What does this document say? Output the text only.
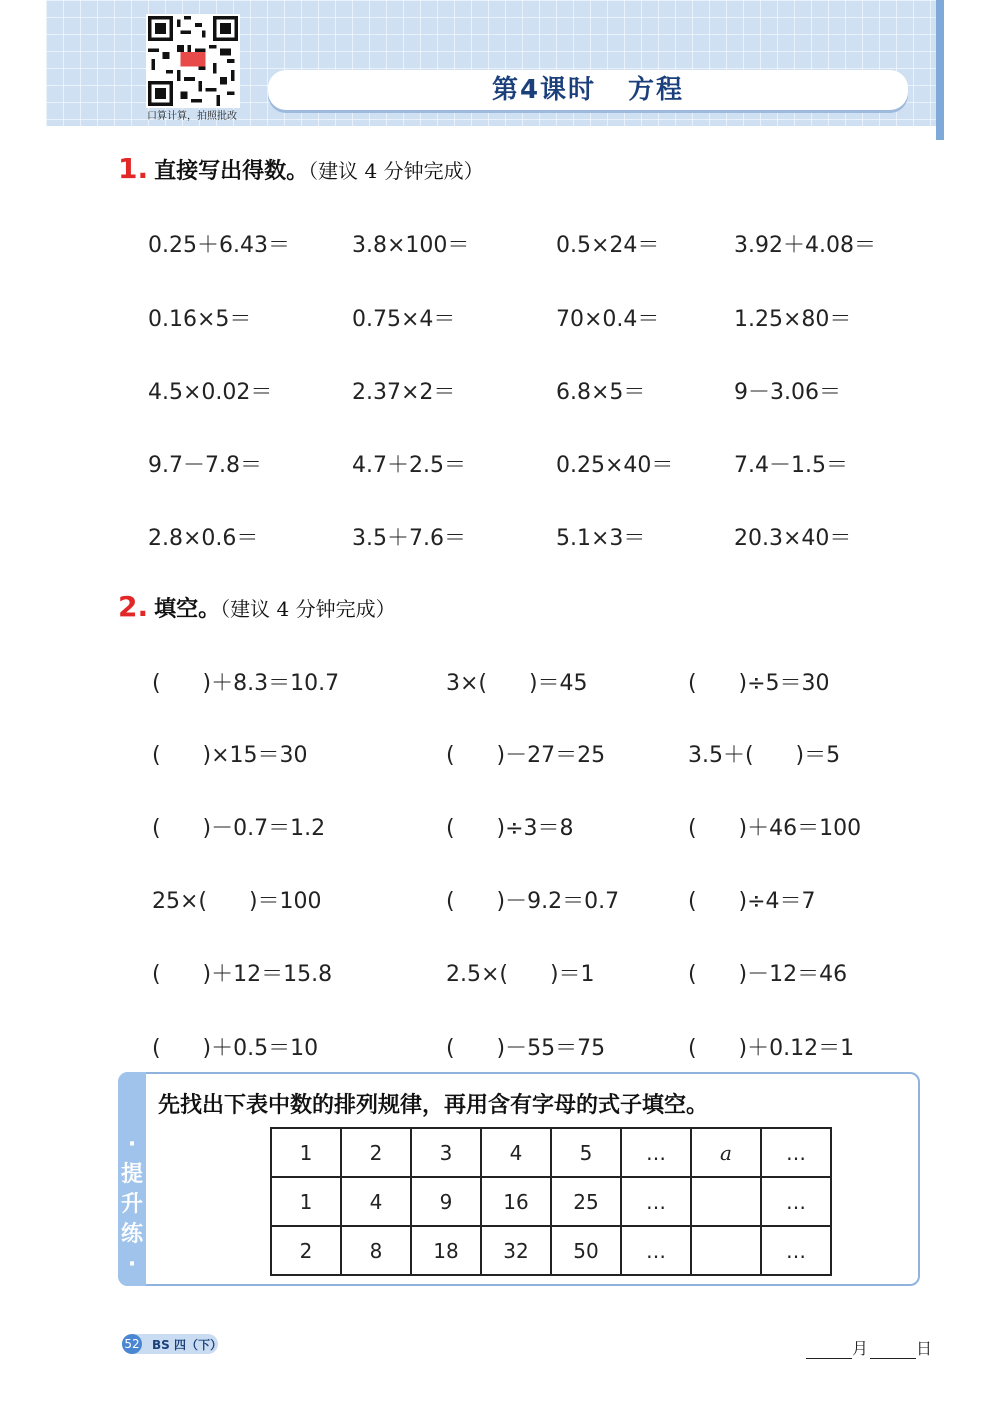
口算计算，拍照批改
第4课时 方程
1. 直接写出得数。（建议 4 分钟完成）
0.25＋6.43＝	3.8×100＝	0.5×24＝	3.92＋4.08＝
0.16×5＝	0.75×4＝	70×0.4＝	1.25×80＝
4.5×0.02＝	2.37×2＝	6.8×5＝	9－3.06＝
9.7－7.8＝	4.7＋2.5＝	0.25×40＝	7.4－1.5＝
2.8×0.6＝	3.5＋7.6＝	5.1×3＝	20.3×40＝
2. 填空。（建议 4 分钟完成）
(      )＋8.3＝10.7	3×(      )＝45	(      )÷5＝30
(      )×15＝30	(      )－27＝25	3.5＋(      )＝5
(      )－0.7＝1.2	(      )÷3＝8	(      )＋46＝100
25×(      )＝100	(      )－9.2＝0.7	(      )÷4＝7
(      )＋12＝15.8	2.5×(      )＝1	(      )－12＝46
(      )＋0.5＝10	(      )－55＝75	(      )＋0.12＝1
·提升练·
先找出下表中数的排列规律，再用含有字母的式子填空。
1	2	3	4	5	…	a	…
1	4	9	16	25	…		…
2	8	18	32	50	…		…
52 BS 四（下）	月	日
